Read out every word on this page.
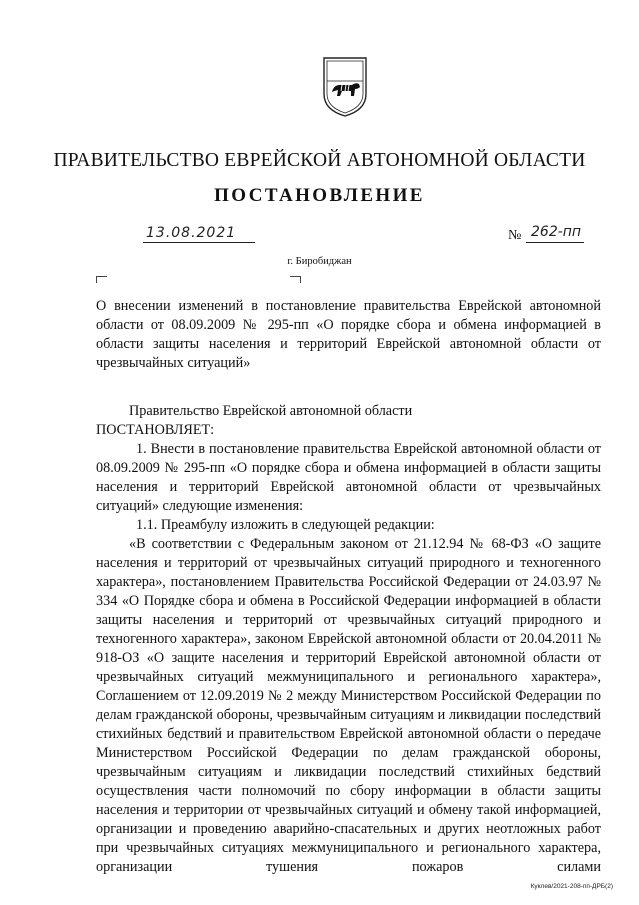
ПРАВИТЕЛЬСТВО ЕВРЕЙСКОЙ АВТОНОМНОЙ ОБЛАСТИ
ПОСТАНОВЛЕНИЕ
13.08.2021	№ 262-пп
г. Биробиджан

О внесении изменений в постановление правительства Еврейской автономной области от 08.09.2009 № 295-пп «О порядке сбора и обмена информацией в области защиты населения и территорий Еврейской автономной области от чрезвычайных ситуаций»

Правительство Еврейской автономной области

ПОСТАНОВЛЯЕТ:

1. Внести в постановление правительства Еврейской автономной области от 08.09.2009 № 295-пп «О порядке сбора и обмена информацией в области защиты населения и территорий Еврейской автономной области от чрезвычайных ситуаций» следующие изменения:

1.1. Преамбулу изложить в следующей редакции:

«В соответствии с Федеральным законом от 21.12.94 № 68-ФЗ «О защите населения и территорий от чрезвычайных ситуаций природного и техногенного характера», постановлением Правительства Российской Федерации от 24.03.97 № 334 «О Порядке сбора и обмена в Российской Федерации информацией в области защиты населения и территорий от чрезвычайных ситуаций природного и техногенного характера», законом Еврейской автономной области от 20.04.2011 № 918-ОЗ «О защите населения и территорий Еврейской автономной области от чрезвычайных ситуаций межмуниципального и регионального характера», Соглашением от 12.09.2019 № 2 между Министерством Российской Федерации по делам гражданской обороны, чрезвычайным ситуациям и ликвидации последствий стихийных бедствий и правительством Еврейской автономной области о передаче Министерством Российской Федерации по делам гражданской обороны, чрезвычайным ситуациям и ликвидации последствий стихийных бедствий осуществления части полномочий по сбору информации в области защиты населения и территории от чрезвычайных ситуаций и обмену такой информацией, организации и проведению аварийно-спасательных и других неотложных работ при чрезвычайных ситуациях межмуниципального и регионального характера, организации тушения пожаров силами

Куклев/2021-208-пп-ДРБ(2)
